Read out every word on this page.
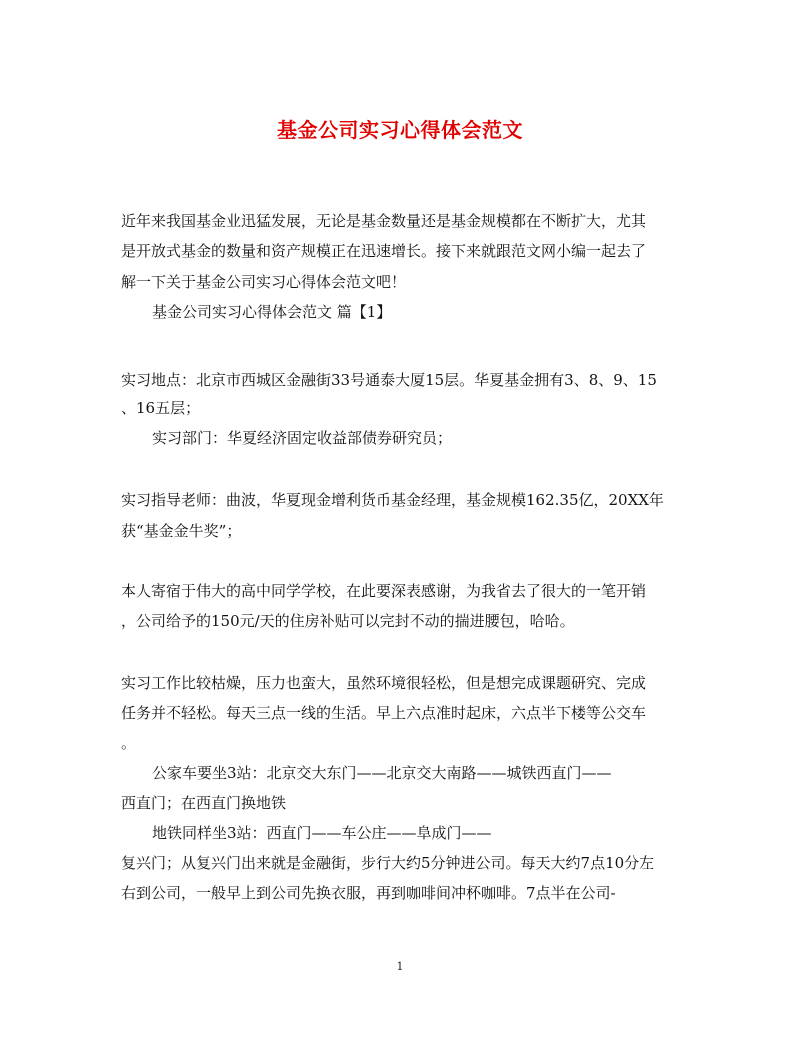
基金公司实习心得体会范文
近年来我国基金业迅猛发展，无论是基金数量还是基金规模都在不断扩大，尤其
是开放式基金的数量和资产规模正在迅速增长。接下来就跟范文网小编一起去了
解一下关于基金公司实习心得体会范文吧！
基金公司实习心得体会范文 篇【1】
实习地点：北京市西城区金融街33号通泰大厦15层。华夏基金拥有3、8、9、15
、16五层；
实习部门：华夏经济固定收益部债券研究员；
实习指导老师：曲波，华夏现金增利货币基金经理，基金规模162.35亿，20XX年
获“基金金牛奖”；
本人寄宿于伟大的高中同学学校，在此要深表感谢，为我省去了很大的一笔开销
，公司给予的150元/天的住房补贴可以完封不动的揣进腰包，哈哈。
实习工作比较枯燥，压力也蛮大，虽然环境很轻松，但是想完成课题研究、完成
任务并不轻松。每天三点一线的生活。早上六点准时起床，六点半下楼等公交车
。
公家车要坐3站：北京交大东门——北京交大南路——城铁西直门——
西直门；在西直门换地铁
地铁同样坐3站：西直门——车公庄——阜成门——
复兴门；从复兴门出来就是金融街，步行大约5分钟进公司。每天大约7点10分左
右到公司，一般早上到公司先换衣服，再到咖啡间冲杯咖啡。7点半在公司-
1
